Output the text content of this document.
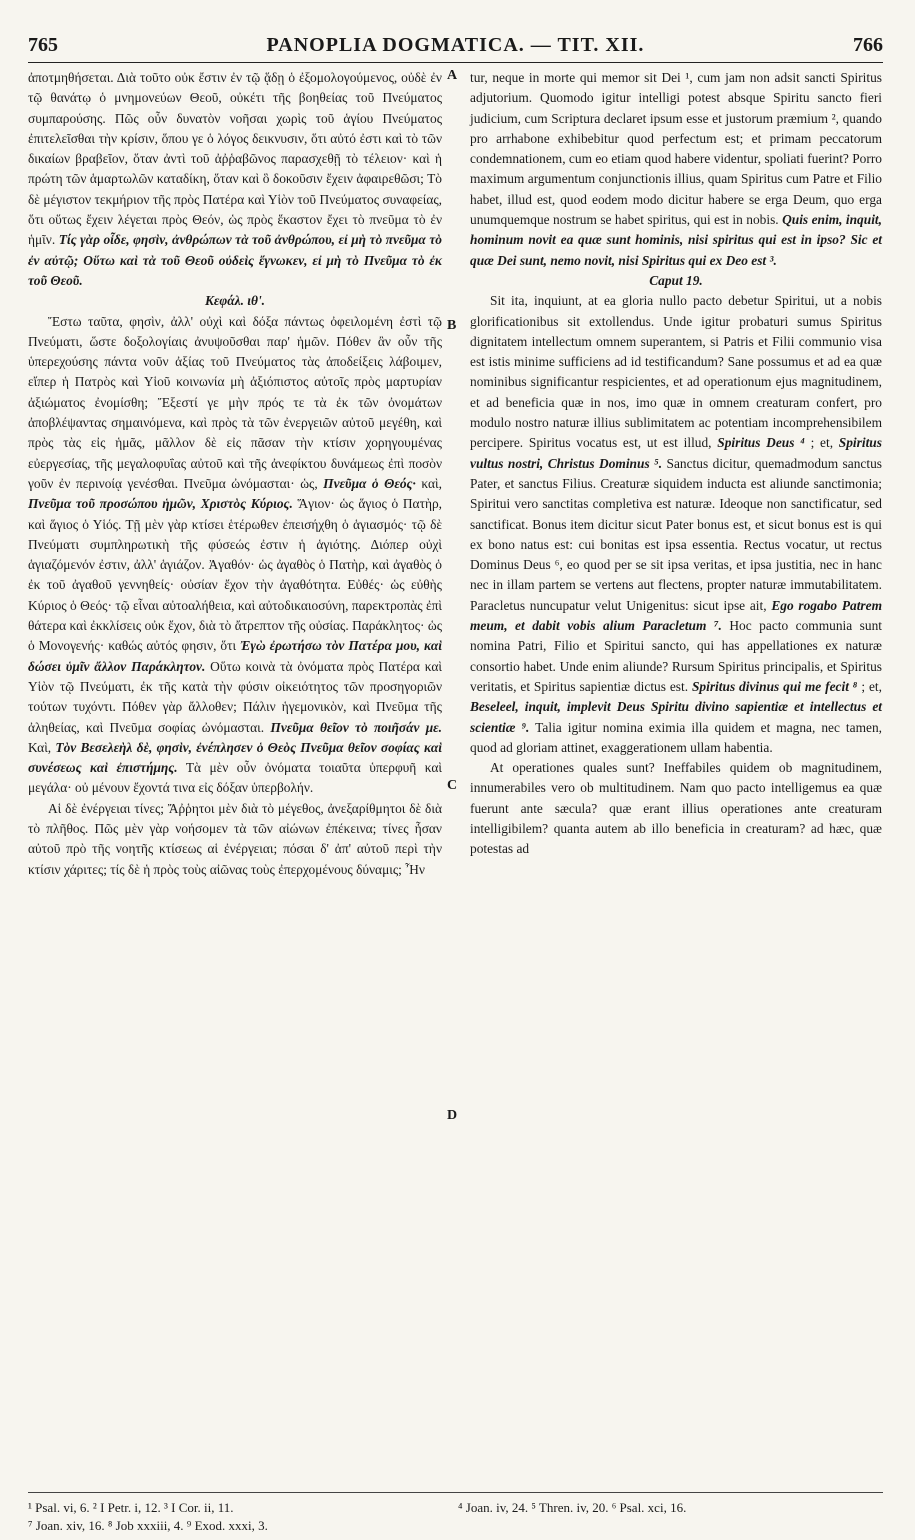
765	PANOPLIA DOGMATICA. — TIT. XII.	766
A
B
C
D

ἀποτμηθήσεται. Διὰ τοῦτο οὐκ ἔστιν ἐν τῷ ᾅδῃ ὁ ἐξομολογούμενος, οὐδὲ ἐν τῷ θανάτῳ ὁ μνημονεύων Θεοῦ, οὐκέτι τῆς βοηθείας τοῦ Πνεύματος συμπαρούσης. Πῶς οὖν δυνατὸν νοῆσαι χωρὶς τοῦ ἁγίου Πνεύματος ἐπιτελεῖσθαι τὴν κρίσιν, ὅπου γε ὁ λόγος δεικνυσιν, ὅτι αὐτό ἐστι καὶ τὸ τῶν δικαίων βραβεῖον, ὅταν ἀντὶ τοῦ ἀῤῥαβῶνος παρασχεθῇ τὸ τέλειον· καὶ ἡ πρώτη τῶν ἁμαρτωλῶν καταδίκη, ὅταν καὶ ὃ δοκοῦσιν ἔχειν ἀφαιρεθῶσι; Τὸ δὲ μέγιστον τεκμήριον τῆς πρὸς Πατέρα καὶ Υἱὸν τοῦ Πνεύματος συναφείας, ὅτι οὕτως ἔχειν λέγεται πρὸς Θεόν, ὡς πρὸς ἕκαστον ἔχει τὸ πνεῦμα τὸ ἐν ἡμῖν. Τίς γὰρ οἶδε, φησὶν, ἀνθρώπων τὰ τοῦ ἀνθρώπου, εἰ μὴ τὸ πνεῦμα τὸ ἐν αὐτῷ; Οὕτω καὶ τὰ τοῦ Θεοῦ οὐδεὶς ἔγνωκεν, εἰ μὴ τὸ Πνεῦμα τὸ ἐκ τοῦ Θεοῦ.

Κεφάλ. ιθ'.

Ἔστω ταῦτα, φησὶν, ἀλλ' οὐχὶ καὶ δόξα πάντως ὀφειλομένη ἐστὶ τῷ Πνεύματι, ὥστε δοξολογίαις ἀνυψοῦσθαι παρ' ἡμῶν. Πόθεν ἂν οὖν τῆς ὑπερεχούσης πάντα νοῦν ἀξίας τοῦ Πνεύματος τὰς ἀποδείξεις λάβοιμεν, εἴπερ ἡ Πατρὸς καὶ Υἱοῦ κοινωνία μὴ ἀξιόπιστος αὐτοῖς πρὸς μαρτυρίαν ἀξιώματος ἐνομίσθη; Ἔξεστί γε μὴν πρός τε τὰ ἐκ τῶν ὀνομάτων ἀποβλέψαντας σημαινόμενα, καὶ πρὸς τὰ τῶν ἐνεργειῶν αὐτοῦ μεγέθη, καὶ πρὸς τὰς εἰς ἡμᾶς, μᾶλλον δὲ εἰς πᾶσαν τὴν κτίσιν χορηγουμένας εὐεργεσίας, τῆς μεγαλοφυΐας αὐτοῦ καὶ τῆς ἀνεφίκτου δυνάμεως ἐπὶ ποσὸν γοῦν ἐν περινοίᾳ γενέσθαι. Πνεῦμα ὠνόμασται· ὡς, Πνεῦμα ὁ Θεός· καὶ, Πνεῦμα τοῦ προσώπου ἡμῶν, Χριστὸς Κύριος. Ἅγιον· ὡς ἅγιος ὁ Πατὴρ, καὶ ἅγιος ὁ Υἱός. Τῇ μὲν γὰρ κτίσει ἑτέρωθεν ἐπεισήχθη ὁ ἁγιασμός· τῷ δὲ Πνεύματι συμπληρωτικὴ τῆς φύσεώς ἐστιν ἡ ἁγιότης. Διόπερ οὐχὶ ἁγιαζόμενόν ἐστιν, ἀλλ' ἁγιάζον. Ἀγαθόν· ὡς ἀγαθὸς ὁ Πατὴρ, καὶ ἀγαθὸς ὁ ἐκ τοῦ ἀγαθοῦ γεννηθείς· οὐσίαν ἔχον τὴν ἀγαθότητα. Εὐθές· ὡς εὐθὴς Κύριος ὁ Θεός· τῷ εἶναι αὐτοαλήθεια, καὶ αὐτοδικαιοσύνη, παρεκτροπὰς ἐπὶ θάτερα καὶ ἐκκλίσεις οὐκ ἔχον, διὰ τὸ ἄτρεπτον τῆς οὐσίας. Παράκλητος· ὡς ὁ Μονογενής· καθώς αὐτός φησιν, ὅτι Ἐγὼ ἐρωτήσω τὸν Πατέρα μου, καὶ δώσει ὑμῖν ἄλλον Παράκλητον. Οὕτω κοινὰ τὰ ὀνόματα πρὸς Πατέρα καὶ Υἱὸν τῷ Πνεύματι, ἐκ τῆς κατὰ τὴν φύσιν οἰκειότητος τῶν προσηγοριῶν τούτων τυχόντι. Πόθεν γὰρ ἄλλοθεν; Πάλιν ἡγεμονικὸν, καὶ Πνεῦμα τῆς ἀληθείας, καὶ Πνεῦμα σοφίας ὠνόμασται. Πνεῦμα θεῖον τὸ ποιῆσάν με. Καὶ, Τὸν Βεσελεὴλ δὲ, φησὶν, ἐνέπλησεν ὁ Θεὸς Πνεῦμα θεῖον σοφίας καὶ συνέσεως καὶ ἐπιστήμης. Τὰ μὲν οὖν ὀνόματα τοιαῦτα ὑπερφυῆ καὶ μεγάλα· οὐ μένουν ἔχοντά τινα εἰς δόξαν ὑπερβολήν.

Αἱ δὲ ἐνέργειαι τίνες; Ἄῤῥητοι μὲν διὰ τὸ μέγεθος, ἀνεξαρίθμητοι δὲ διὰ τὸ πλῆθος. Πῶς μὲν γὰρ νοήσομεν τὰ τῶν αἰώνων ἐπέκεινα; τίνες ἦσαν αὐτοῦ πρὸ τῆς νοητῆς κτίσεως αἱ ἐνέργειαι; πόσαι δ' ἀπ' αὐτοῦ περὶ τὴν κτίσιν χάριτες; τίς δὲ ἡ πρὸς τοὺς αἰῶνας τοὺς ἐπερχομένους δύναμις; Ἦν

tur, neque in morte qui memor sit Dei ¹, cum jam non adsit sancti Spiritus adjutorium. Quomodo igitur intelligi potest absque Spiritu sancto fieri judicium, cum Scriptura declaret ipsum esse et justorum præmium ², quando pro arrhabone exhibebitur quod perfectum est; et primam peccatorum condemnationem, cum eo etiam quod habere videntur, spoliati fuerint? Porro maximum argumentum conjunctionis illius, quam Spiritus cum Patre et Filio habet, illud est, quod eodem modo dicitur habere se erga Deum, quo erga unumquemque nostrum se habet spiritus, qui est in nobis. Quis enim, inquit, hominum novit ea quæ sunt hominis, nisi spiritus qui est in ipso? Sic et quæ Dei sunt, nemo novit, nisi Spiritus qui ex Deo est ³.

Caput 19.

Sit ita, inquiunt, at ea gloria nullo pacto debetur Spiritui, ut a nobis glorificationibus sit extollendus. Unde igitur probaturi sumus Spiritus dignitatem intellectum omnem superantem, si Patris et Filii communio visa est istis minime sufficiens ad id testificandum? Sane possumus et ad ea quæ nominibus significantur respicientes, et ad operationum ejus magnitudinem, et ad beneficia quæ in nos, imo quæ in omnem creaturam confert, pro modulo nostro naturæ illius sublimitatem ac potentiam incomprehensibilem percipere. Spiritus vocatus est, ut est illud, Spiritus Deus ⁴ ; et, Spiritus vultus nostri, Christus Dominus ⁵. Sanctus dicitur, quemadmodum sanctus Pater, et sanctus Filius. Creaturæ siquidem inducta est aliunde sanctimonia; Spiritui vero sanctitas completiva est naturæ. Ideoque non sanctificatur, sed sanctificat. Bonus item dicitur sicut Pater bonus est, et sicut bonus est is qui ex bono natus est: cui bonitas est ipsa essentia. Rectus vocatur, ut rectus Dominus Deus ⁶, eo quod per se sit ipsa veritas, et ipsa justitia, nec in hanc nec in illam partem se vertens aut flectens, propter naturæ immutabilitatem. Paracletus nuncupatur velut Unigenitus: sicut ipse ait, Ego rogabo Patrem meum, et dabit vobis alium Paracletum ⁷. Hoc pacto communia sunt nomina Patri, Filio et Spiritui sancto, qui has appellationes ex naturæ consortio habet. Unde enim aliunde? Rursum Spiritus principalis, et Spiritus veritatis, et Spiritus sapientiæ dictus est. Spiritus divinus qui me fecit ⁸ ; et, Beseleel, inquit, implevit Deus Spiritu divino sapientiæ et intellectus et scientiæ ⁹. Talia igitur nomina eximia illa quidem et magna, nec tamen, quod ad gloriam attinet, exaggerationem ullam habentia.

At operationes quales sunt? Ineffabiles quidem ob magnitudinem, innumerabiles vero ob multitudinem. Nam quo pacto intelligemus ea quæ fuerunt ante sæcula? quæ erant illius operationes ante creaturam intelligibilem? quanta autem ab illo beneficia in creaturam? ad hæc, quæ potestas ad

¹ Psal. vi, 6. ² I Petr. i, 12. ³ I Cor. ii, 11.
⁷ Joan. xiv, 16. ⁸ Job xxxiii, 4. ⁹ Exod. xxxi, 3.
⁴ Joan. iv, 24. ⁵ Thren. iv, 20. ⁶ Psal. xci, 16.
